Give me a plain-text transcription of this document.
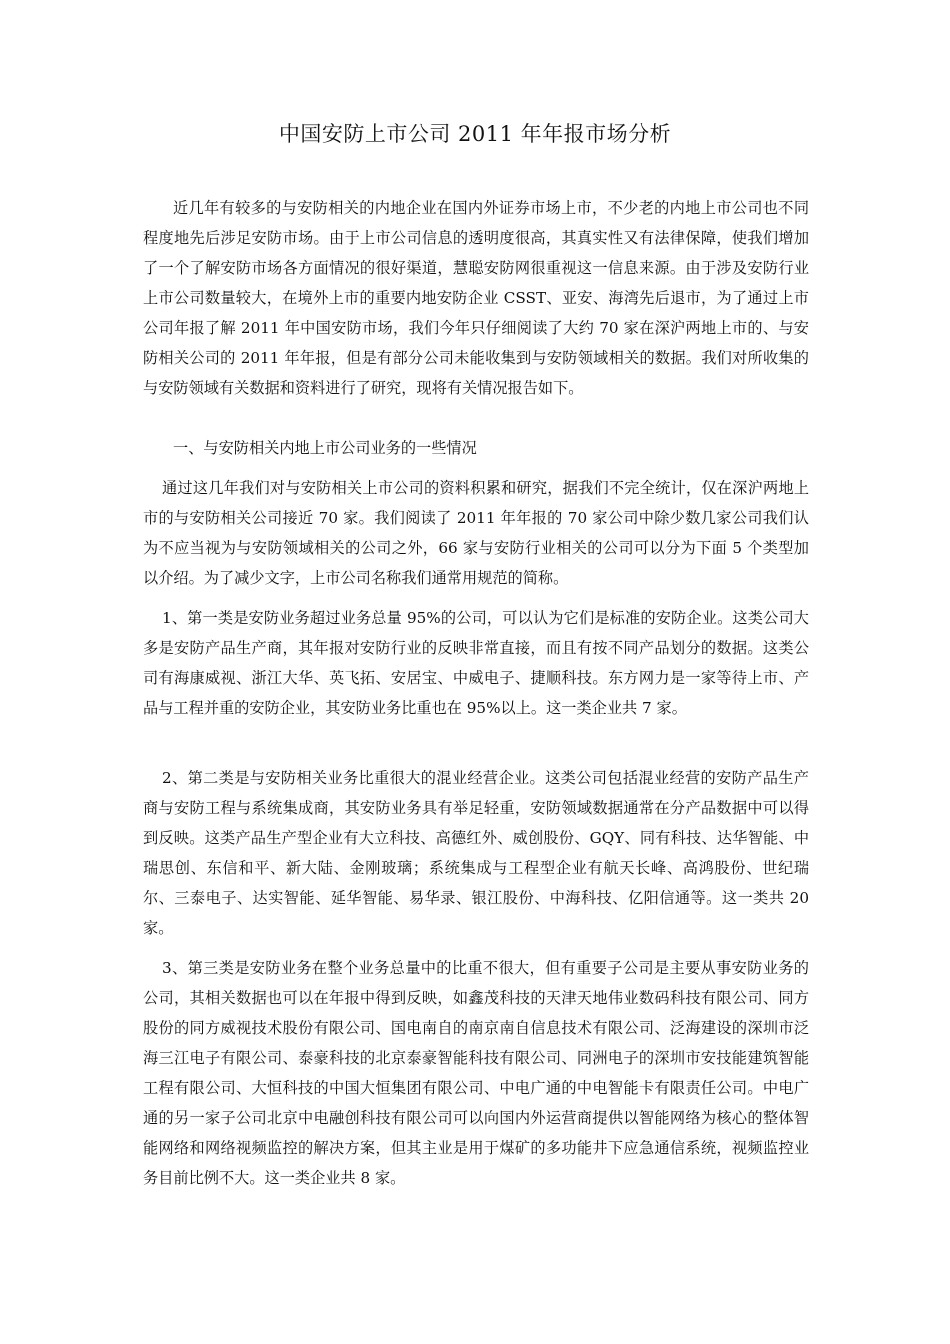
中国安防上市公司 2011 年年报市场分析

近几年有较多的与安防相关的内地企业在国内外证券市场上市，不少老的内地上市公司也不同程度地先后涉足安防市场。由于上市公司信息的透明度很高，其真实性又有法律保障，使我们增加了一个了解安防市场各方面情况的很好渠道，慧聪安防网很重视这一信息来源。由于涉及安防行业上市公司数量较大，在境外上市的重要内地安防企业 CSST、亚安、海湾先后退市，为了通过上市公司年报了解 2011 年中国安防市场，我们今年只仔细阅读了大约 70 家在深沪两地上市的、与安防相关公司的 2011 年年报，但是有部分公司未能收集到与安防领域相关的数据。我们对所收集的与安防领域有关数据和资料进行了研究，现将有关情况报告如下。

一、与安防相关内地上市公司业务的一些情况

通过这几年我们对与安防相关上市公司的资料积累和研究，据我们不完全统计，仅在深沪两地上市的与安防相关公司接近 70 家。我们阅读了 2011 年年报的 70 家公司中除少数几家公司我们认为不应当视为与安防领域相关的公司之外，66 家与安防行业相关的公司可以分为下面 5 个类型加以介绍。为了减少文字，上市公司名称我们通常用规范的简称。

1、第一类是安防业务超过业务总量 95%的公司，可以认为它们是标准的安防企业。这类公司大多是安防产品生产商，其年报对安防行业的反映非常直接，而且有按不同产品划分的数据。这类公司有海康威视、浙江大华、英飞拓、安居宝、中威电子、捷顺科技。东方网力是一家等待上市、产品与工程并重的安防企业，其安防业务比重也在 95%以上。这一类企业共 7 家。

2、第二类是与安防相关业务比重很大的混业经营企业。这类公司包括混业经营的安防产品生产商与安防工程与系统集成商，其安防业务具有举足轻重，安防领域数据通常在分产品数据中可以得到反映。这类产品生产型企业有大立科技、高德红外、威创股份、GQY、同有科技、达华智能、中瑞思创、东信和平、新大陆、金刚玻璃；系统集成与工程型企业有航天长峰、高鸿股份、世纪瑞尔、三泰电子、达实智能、延华智能、易华录、银江股份、中海科技、亿阳信通等。这一类共 20 家。

3、第三类是安防业务在整个业务总量中的比重不很大，但有重要子公司是主要从事安防业务的公司，其相关数据也可以在年报中得到反映，如鑫茂科技的天津天地伟业数码科技有限公司、同方股份的同方威视技术股份有限公司、国电南自的南京南自信息技术有限公司、泛海建设的深圳市泛海三江电子有限公司、泰豪科技的北京泰豪智能科技有限公司、同洲电子的深圳市安技能建筑智能工程有限公司、大恒科技的中国大恒集团有限公司、中电广通的中电智能卡有限责任公司。中电广通的另一家子公司北京中电融创科技有限公司可以向国内外运营商提供以智能网络为核心的整体智能网络和网络视频监控的解决方案，但其主业是用于煤矿的多功能井下应急通信系统，视频监控业务目前比例不大。这一类企业共 8 家。
